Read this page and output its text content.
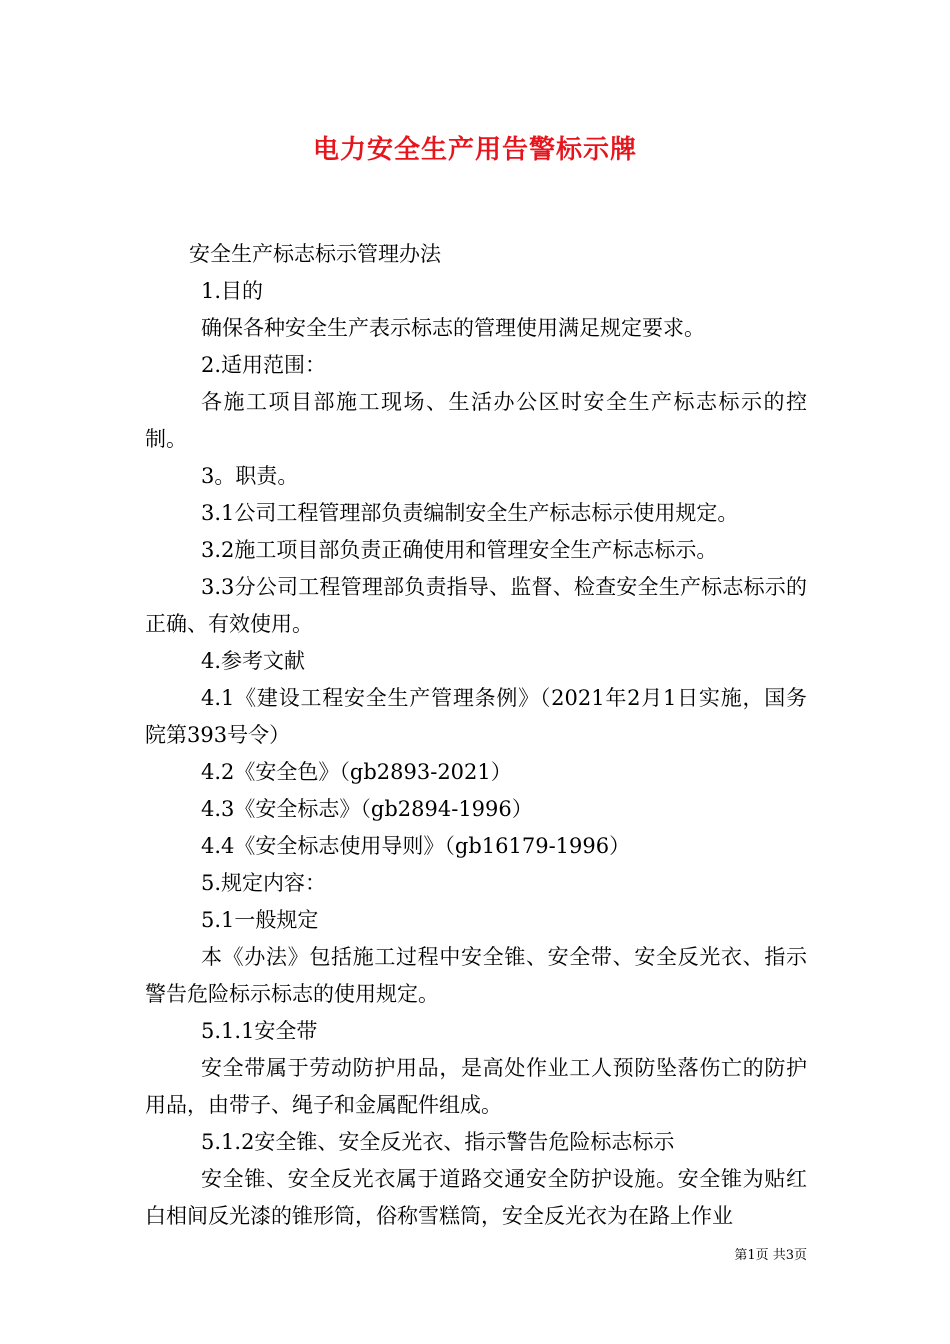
电力安全生产用告警标示牌

安全生产标志标示管理办法

1.目的

确保各种安全生产表示标志的管理使用满足规定要求。

2.适用范围：

各施工项目部施工现场、生活办公区时安全生产标志标示的控制。

3。职责。

3.1公司工程管理部负责编制安全生产标志标示使用规定。

3.2施工项目部负责正确使用和管理安全生产标志标示。

3.3分公司工程管理部负责指导、监督、检查安全生产标志标示的正确、有效使用。

4.参考文献

4.1《建设工程安全生产管理条例》（2021年2月1日实施，国务院第393号令）

4.2《安全色》（gb2893-2021）

4.3《安全标志》（gb2894-1996）

4.4《安全标志使用导则》（gb16179-1996）

5.规定内容：

5.1一般规定

本《办法》包括施工过程中安全锥、安全带、安全反光衣、指示警告危险标示标志的使用规定。

5.1.1安全带

安全带属于劳动防护用品，是高处作业工人预防坠落伤亡的防护用品，由带子、绳子和金属配件组成。

5.1.2安全锥、安全反光衣、指示警告危险标志标示

安全锥、安全反光衣属于道路交通安全防护设施。安全锥为贴红白相间反光漆的锥形筒，俗称雪糕筒，安全反光衣为在路上作业

第1页 共3页
